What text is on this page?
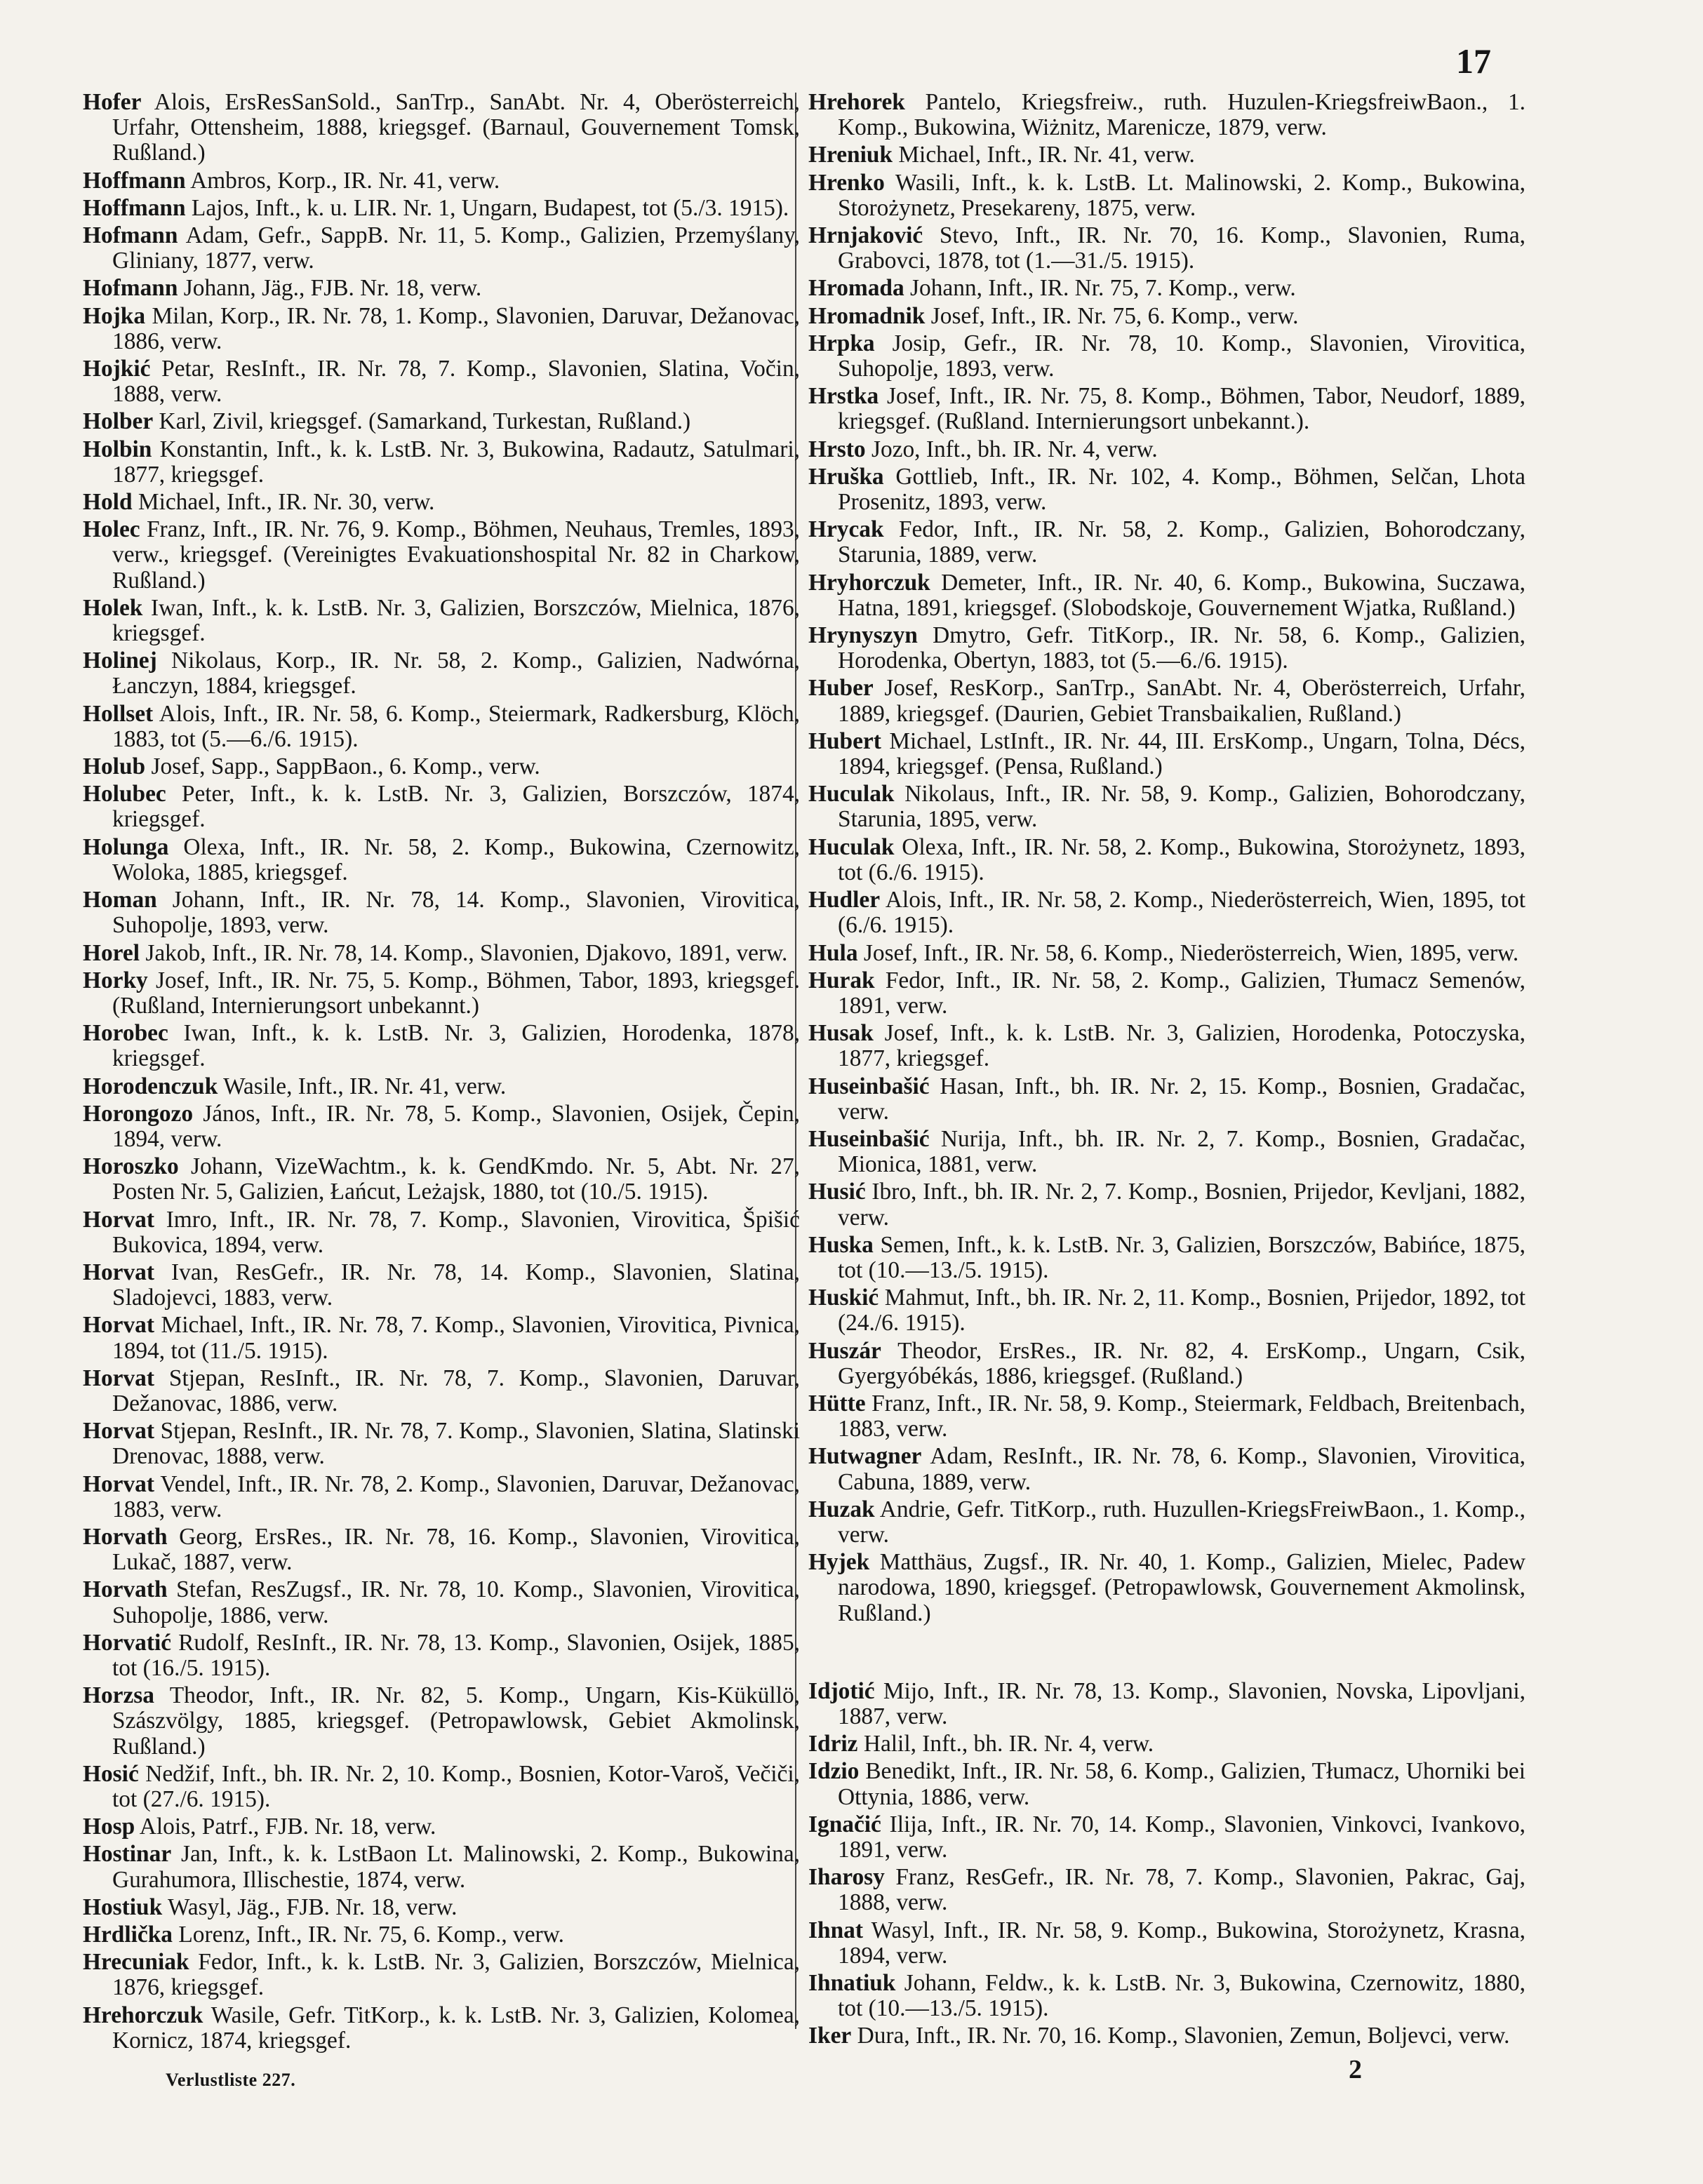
17

Hofer Alois, ErsResSanSold., SanTrp., SanAbt. Nr. 4, Oberösterreich, Urfahr, Ottensheim, 1888, kriegsgef. (Barnaul, Gouvernement Tomsk, Rußland.)

Hoffmann Ambros, Korp., IR. Nr. 41, verw.

Hoffmann Lajos, Inft., k. u. LIR. Nr. 1, Ungarn, Budapest, tot (5./3. 1915).

Hofmann Adam, Gefr., SappB. Nr. 11, 5. Komp., Galizien, Przemyślany, Gliniany, 1877, verw.

Hofmann Johann, Jäg., FJB. Nr. 18, verw.

Hojka Milan, Korp., IR. Nr. 78, 1. Komp., Slavonien, Daruvar, Dežanovac, 1886, verw.

Hojkić Petar, ResInft., IR. Nr. 78, 7. Komp., Slavonien, Slatina, Vočin, 1888, verw.

Holber Karl, Zivil, kriegsgef. (Samarkand, Turkestan, Rußland.)

Holbin Konstantin, Inft., k. k. LstB. Nr. 3, Bukowina, Radautz, Satulmari, 1877, kriegsgef.

Hold Michael, Inft., IR. Nr. 30, verw.

Holec Franz, Inft., IR. Nr. 76, 9. Komp., Böhmen, Neuhaus, Tremles, 1893, verw., kriegsgef. (Vereinigtes Evakuationshospital Nr. 82 in Charkow, Rußland.)

Holek Iwan, Inft., k. k. LstB. Nr. 3, Galizien, Borszczów, Mielnica, 1876, kriegsgef.

Holinej Nikolaus, Korp., IR. Nr. 58, 2. Komp., Galizien, Nadwórna, Łanczyn, 1884, kriegsgef.

Hollset Alois, Inft., IR. Nr. 58, 6. Komp., Steiermark, Radkersburg, Klöch, 1883, tot (5.—6./6. 1915).

Holub Josef, Sapp., SappBaon., 6. Komp., verw.

Holubec Peter, Inft., k. k. LstB. Nr. 3, Galizien, Borszczów, 1874, kriegsgef.

Holunga Olexa, Inft., IR. Nr. 58, 2. Komp., Bukowina, Czernowitz, Woloka, 1885, kriegsgef.

Homan Johann, Inft., IR. Nr. 78, 14. Komp., Slavonien, Virovitica, Suhopolje, 1893, verw.

Horel Jakob, Inft., IR. Nr. 78, 14. Komp., Slavonien, Djakovo, 1891, verw.

Horky Josef, Inft., IR. Nr. 75, 5. Komp., Böhmen, Tabor, 1893, kriegsgef. (Rußland, Internierungsort unbekannt.)

Horobec Iwan, Inft., k. k. LstB. Nr. 3, Galizien, Horodenka, 1878, kriegsgef.

Horodenczuk Wasile, Inft., IR. Nr. 41, verw.

Horongozo János, Inft., IR. Nr. 78, 5. Komp., Slavonien, Osijek, Čepin, 1894, verw.

Horoszko Johann, VizeWachtm., k. k. GendKmdo. Nr. 5, Abt. Nr. 27, Posten Nr. 5, Galizien, Łańcut, Leżajsk, 1880, tot (10./5. 1915).

Horvat Imro, Inft., IR. Nr. 78, 7. Komp., Slavonien, Virovitica, Špišić Bukovica, 1894, verw.

Horvat Ivan, ResGefr., IR. Nr. 78, 14. Komp., Slavonien, Slatina, Sladojevci, 1883, verw.

Horvat Michael, Inft., IR. Nr. 78, 7. Komp., Slavonien, Virovitica, Pivnica, 1894, tot (11./5. 1915).

Horvat Stjepan, ResInft., IR. Nr. 78, 7. Komp., Slavonien, Daruvar, Dežanovac, 1886, verw.

Horvat Stjepan, ResInft., IR. Nr. 78, 7. Komp., Slavonien, Slatina, Slatinski Drenovac, 1888, verw.

Horvat Vendel, Inft., IR. Nr. 78, 2. Komp., Slavonien, Daruvar, Dežanovac, 1883, verw.

Horvath Georg, ErsRes., IR. Nr. 78, 16. Komp., Slavonien, Virovitica, Lukač, 1887, verw.

Horvath Stefan, ResZugsf., IR. Nr. 78, 10. Komp., Slavonien, Virovitica, Suhopolje, 1886, verw.

Horvatić Rudolf, ResInft., IR. Nr. 78, 13. Komp., Slavonien, Osijek, 1885, tot (16./5. 1915).

Horzsa Theodor, Inft., IR. Nr. 82, 5. Komp., Ungarn, Kis-Küküllö, Szászvölgy, 1885, kriegsgef. (Petropawlowsk, Gebiet Akmolinsk, Rußland.)

Hosić Nedžif, Inft., bh. IR. Nr. 2, 10. Komp., Bosnien, Kotor-Varoš, Večiči, tot (27./6. 1915).

Hosp Alois, Patrf., FJB. Nr. 18, verw.

Hostinar Jan, Inft., k. k. LstBaon Lt. Malinowski, 2. Komp., Bukowina, Gurahumora, Illischestie, 1874, verw.

Hostiuk Wasyl, Jäg., FJB. Nr. 18, verw.

Hrdlička Lorenz, Inft., IR. Nr. 75, 6. Komp., verw.

Hrecuniak Fedor, Inft., k. k. LstB. Nr. 3, Galizien, Borszczów, Mielnica, 1876, kriegsgef.

Hrehorczuk Wasile, Gefr. TitKorp., k. k. LstB. Nr. 3, Galizien, Kolomea, Kornicz, 1874, kriegsgef.

Hrehorek Pantelo, Kriegsfreiw., ruth. Huzulen-KriegsfreiwBaon., 1. Komp., Bukowina, Wiżnitz, Marenicze, 1879, verw.

Hreniuk Michael, Inft., IR. Nr. 41, verw.

Hrenko Wasili, Inft., k. k. LstB. Lt. Malinowski, 2. Komp., Bukowina, Storożynetz, Presekareny, 1875, verw.

Hrnjaković Stevo, Inft., IR. Nr. 70, 16. Komp., Slavonien, Ruma, Grabovci, 1878, tot (1.—31./5. 1915).

Hromada Johann, Inft., IR. Nr. 75, 7. Komp., verw.

Hromadnik Josef, Inft., IR. Nr. 75, 6. Komp., verw.

Hrpka Josip, Gefr., IR. Nr. 78, 10. Komp., Slavonien, Virovitica, Suhopolje, 1893, verw.

Hrstka Josef, Inft., IR. Nr. 75, 8. Komp., Böhmen, Tabor, Neudorf, 1889, kriegsgef. (Rußland. Internierungsort unbekannt.).

Hrsto Jozo, Inft., bh. IR. Nr. 4, verw.

Hruška Gottlieb, Inft., IR. Nr. 102, 4. Komp., Böhmen, Selčan, Lhota Prosenitz, 1893, verw.

Hrycak Fedor, Inft., IR. Nr. 58, 2. Komp., Galizien, Bohorodczany, Starunia, 1889, verw.

Hryhorczuk Demeter, Inft., IR. Nr. 40, 6. Komp., Bukowina, Suczawa, Hatna, 1891, kriegsgef. (Slobodskoje, Gouvernement Wjatka, Rußland.)

Hrynyszyn Dmytro, Gefr. TitKorp., IR. Nr. 58, 6. Komp., Galizien, Horodenka, Obertyn, 1883, tot (5.—6./6. 1915).

Huber Josef, ResKorp., SanTrp., SanAbt. Nr. 4, Oberösterreich, Urfahr, 1889, kriegsgef. (Daurien, Gebiet Transbaikalien, Rußland.)

Hubert Michael, LstInft., IR. Nr. 44, III. ErsKomp., Ungarn, Tolna, Décs, 1894, kriegsgef. (Pensa, Rußland.)

Huculak Nikolaus, Inft., IR. Nr. 58, 9. Komp., Galizien, Bohorodczany, Starunia, 1895, verw.

Huculak Olexa, Inft., IR. Nr. 58, 2. Komp., Bukowina, Storożynetz, 1893, tot (6./6. 1915).

Hudler Alois, Inft., IR. Nr. 58, 2. Komp., Niederösterreich, Wien, 1895, tot (6./6. 1915).

Hula Josef, Inft., IR. Nr. 58, 6. Komp., Niederösterreich, Wien, 1895, verw.

Hurak Fedor, Inft., IR. Nr. 58, 2. Komp., Galizien, Tłumacz Semenów, 1891, verw.

Husak Josef, Inft., k. k. LstB. Nr. 3, Galizien, Horodenka, Potoczyska, 1877, kriegsgef.

Huseinbašić Hasan, Inft., bh. IR. Nr. 2, 15. Komp., Bosnien, Gradačac, verw.

Huseinbašić Nurija, Inft., bh. IR. Nr. 2, 7. Komp., Bosnien, Gradačac, Mionica, 1881, verw.

Husić Ibro, Inft., bh. IR. Nr. 2, 7. Komp., Bosnien, Prijedor, Kevljani, 1882, verw.

Huska Semen, Inft., k. k. LstB. Nr. 3, Galizien, Borszczów, Babińce, 1875, tot (10.—13./5. 1915).

Huskić Mahmut, Inft., bh. IR. Nr. 2, 11. Komp., Bosnien, Prijedor, 1892, tot (24./6. 1915).

Huszár Theodor, ErsRes., IR. Nr. 82, 4. ErsKomp., Ungarn, Csik, Gyergyóbékás, 1886, kriegsgef. (Rußland.)

Hütte Franz, Inft., IR. Nr. 58, 9. Komp., Steiermark, Feldbach, Breitenbach, 1883, verw.

Hutwagner Adam, ResInft., IR. Nr. 78, 6. Komp., Slavonien, Virovitica, Cabuna, 1889, verw.

Huzak Andrie, Gefr. TitKorp., ruth. Huzullen-KriegsFreiwBaon., 1. Komp., verw.

Hyjek Matthäus, Zugsf., IR. Nr. 40, 1. Komp., Galizien, Mielec, Padew narodowa, 1890, kriegsgef. (Petropawlowsk, Gouvernement Akmolinsk, Rußland.)

Idjotić Mijo, Inft., IR. Nr. 78, 13. Komp., Slavonien, Novska, Lipovljani, 1887, verw.

Idriz Halil, Inft., bh. IR. Nr. 4, verw.

Idzio Benedikt, Inft., IR. Nr. 58, 6. Komp., Galizien, Tłumacz, Uhorniki bei Ottynia, 1886, verw.

Ignačić Ilija, Inft., IR. Nr. 70, 14. Komp., Slavonien, Vinkovci, Ivankovo, 1891, verw.

Iharosy Franz, ResGefr., IR. Nr. 78, 7. Komp., Slavonien, Pakrac, Gaj, 1888, verw.

Ihnat Wasyl, Inft., IR. Nr. 58, 9. Komp., Bukowina, Storożynetz, Krasna, 1894, verw.

Ihnatiuk Johann, Feldw., k. k. LstB. Nr. 3, Bukowina, Czernowitz, 1880, tot (10.—13./5. 1915).

Iker Dura, Inft., IR. Nr. 70, 16. Komp., Slavonien, Zemun, Boljevci, verw.

Verlustliste 227.	2
